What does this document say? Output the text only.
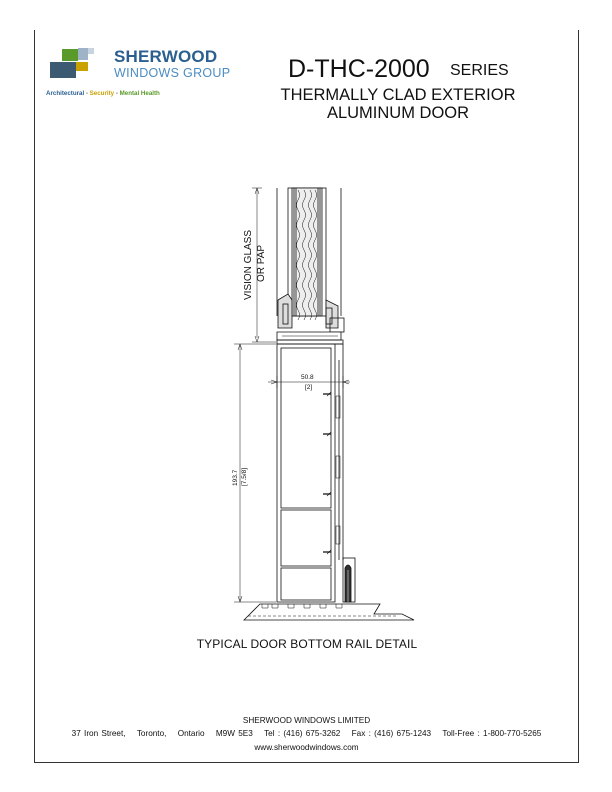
SHERWOOD
WINDOWS GROUP
Architectural - Security - Mental Health
D-THC-2000 SERIES
THERMALLY CLAD EXTERIOR
ALUMINUM DOOR
VISION GLASS OR PAP
50.8
[2]
193.7 [7.5/8]
TYPICAL DOOR BOTTOM RAIL DETAIL
SHERWOOD WINDOWS LIMITED
37 Iron Street, Toronto, Ontario M9W 5E3 Tel : (416) 675-3262 Fax : (416) 675-1243 Toll-Free : 1-800-770-5265
www.sherwoodwindows.com
